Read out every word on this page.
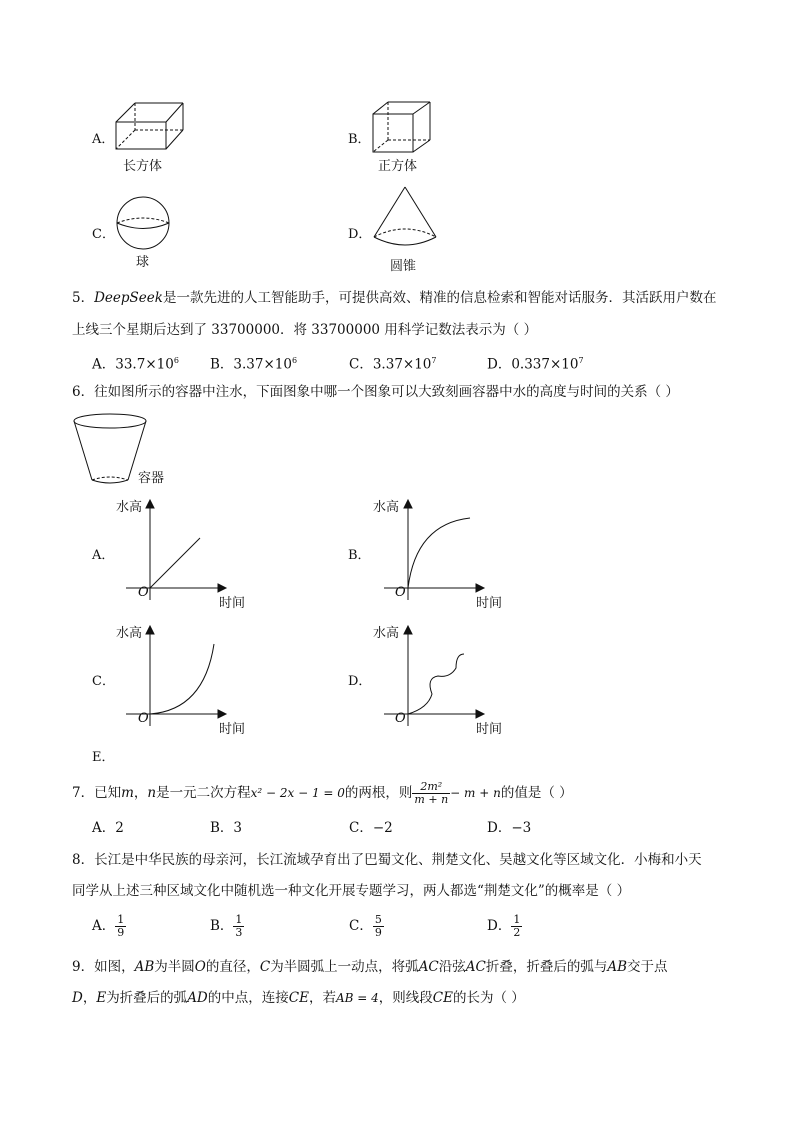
A．
长方体
B．
正方体
C．
球
D．
圆锥
5．DeepSeek是一款先进的人工智能助手，可提供高效、精准的信息检索和智能对话服务．其活跃用户数在
上线三个星期后达到了 33700000．将 33700000 用科学记数法表示为（ ）
A．$33.7\times 10^6$ B．$3.37\times 10^6$	C．$3.37\times 10^7$	D．$0.337\times 10^7$
6．往如图所示的容器中注水，下面图象中哪一个图象可以大致刻画容器中水的高度与时间的关系（ ）
容器
A．
水高
时间
O
B．
水高
时间
O
C．
水高
时间
O
D．
水高
时间
O
E．
7．已知m，n是一元二次方程x² − 2x − 1 = 0的两根，则 $\frac{\text{2m²}}{m + n} - m + n$的值是（ ）
A．2	B．3	C．−2	D．−3
8．长江是中华民族的母亲河，长江流域孕育出了巴蜀文化、荆楚文化、吴越文化等区域文化．小梅和小天
同学从上述三种区域文化中随机选一种文化开展专题学习，两人都选“荆楚文化”的概率是（ ）
A． $\frac{1}{9}$	B． $\frac{1}{3}$	C． $\frac{5}{9}$	D． $\frac{1}{2}$
9．如图，AB为半圆O的直径，C为半圆弧上一动点，将弧AC沿弦AC折叠，折叠后的弧与AB交于点
D，E为折叠后的弧AD的中点，连接CE，若AB = 4，则线段CE的长为（ ）
